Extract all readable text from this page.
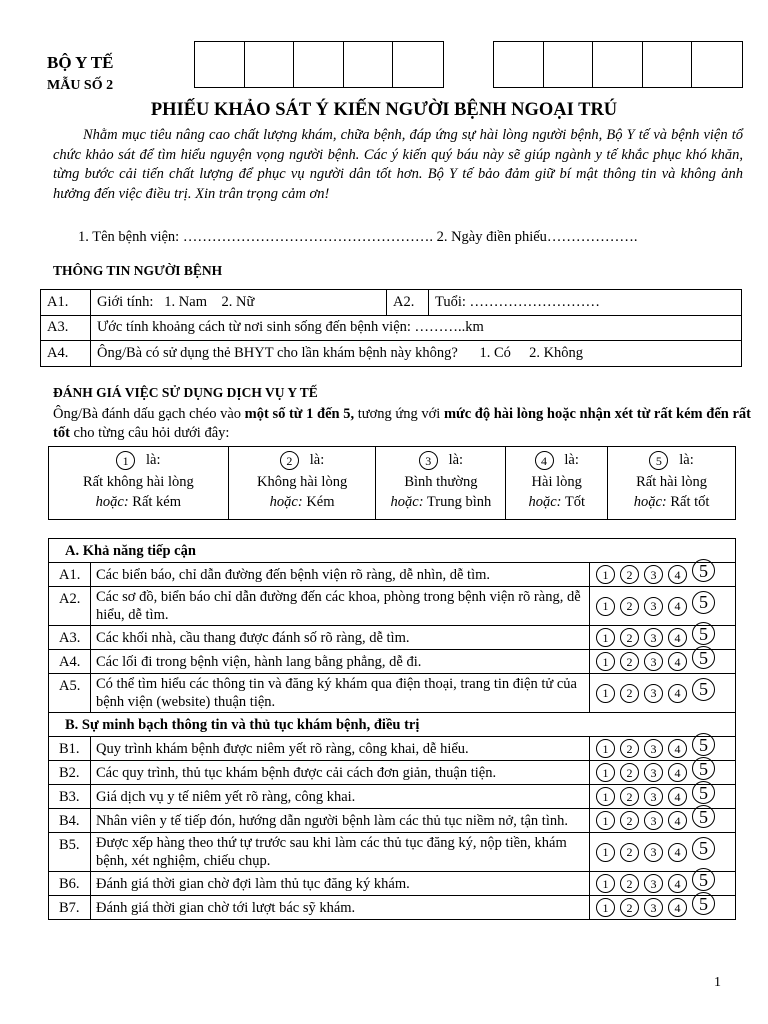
BỘ Y TẾ
MẪU SỐ 2
PHIẾU KHẢO SÁT Ý KIẾN NGƯỜI BỆNH NGOẠI TRÚ
Nhằm mục tiêu nâng cao chất lượng khám, chữa bệnh, đáp ứng sự hài lòng người bệnh, Bộ Y tế và bệnh viện tổ chức khảo sát để tìm hiểu nguyện vọng người bệnh. Các ý kiến quý báu này sẽ giúp ngành y tế khắc phục khó khăn, từng bước cải tiến chất lượng để phục vụ người dân tốt hơn. Bộ Y tế bảo đảm giữ bí mật thông tin và không ảnh hưởng đến việc điều trị. Xin trân trọng cảm ơn!
1. Tên bệnh viện: ……………………………………………. 2. Ngày điền phiếu……………….
THÔNG TIN NGƯỜI BỆNH
A1.	Giới tính: 1. Nam 2. Nữ	A2.	Tuổi: ………………………
A3.	Ước tính khoảng cách từ nơi sinh sống đến bệnh viện: ………..km		
A4.	Ông/Bà có sử dụng thẻ BHYT cho lần khám bệnh này không? 1. Có 2. Không		
ĐÁNH GIÁ VIỆC SỬ DỤNG DỊCH VỤ Y TẾ
Ông/Bà đánh dấu gạch chéo vào một số từ 1 đến 5, tương ứng với mức độ hài lòng hoặc nhận xét từ rất kém đến rất tốt cho từng câu hỏi dưới đây:
1 là:
Rất không hài lòng
hoặc: Rất kém

2 là:
Không hài lòng
hoặc: Kém

3 là:
Bình thường
hoặc: Trung bình

4 là:
Hài lòng
hoặc: Tốt

5 là:
Rất hài lòng
hoặc: Rất tốt
A. Khả năng tiếp cận		
A1.	Các biển báo, chỉ dẫn đường đến bệnh viện rõ ràng, dễ nhìn, dễ tìm.	1 2 3 4 5
A2.	Các sơ đồ, biển báo chỉ dẫn đường đến các khoa, phòng trong bệnh viện rõ ràng, dễ hiểu, dễ tìm.	1 2 3 4 5
A3.	Các khối nhà, cầu thang được đánh số rõ ràng, dễ tìm.	1 2 3 4 5
A4.	Các lối đi trong bệnh viện, hành lang bằng phẳng, dễ đi.	1 2 3 4 5
A5.	Có thể tìm hiểu các thông tin và đăng ký khám qua điện thoại, trang tin điện tử của bệnh viện (website) thuận tiện.	1 2 3 4 5
B. Sự minh bạch thông tin và thủ tục khám bệnh, điều trị		
B1.	Quy trình khám bệnh được niêm yết rõ ràng, công khai, dễ hiểu.	1 2 3 4 5
B2.	Các quy trình, thủ tục khám bệnh được cải cách đơn giản, thuận tiện.	1 2 3 4 5
B3.	Giá dịch vụ y tế niêm yết rõ ràng, công khai.	1 2 3 4 5
B4.	Nhân viên y tế tiếp đón, hướng dẫn người bệnh làm các thủ tục niềm nở, tận tình.	1 2 3 4 5
B5.	Được xếp hàng theo thứ tự trước sau khi làm các thủ tục đăng ký, nộp tiền, khám bệnh, xét nghiệm, chiếu chụp.	1 2 3 4 5
B6.	Đánh giá thời gian chờ đợi làm thủ tục đăng ký khám.	1 2 3 4 5
B7.	Đánh giá thời gian chờ tới lượt bác sỹ khám.	1 2 3 4 5
1
